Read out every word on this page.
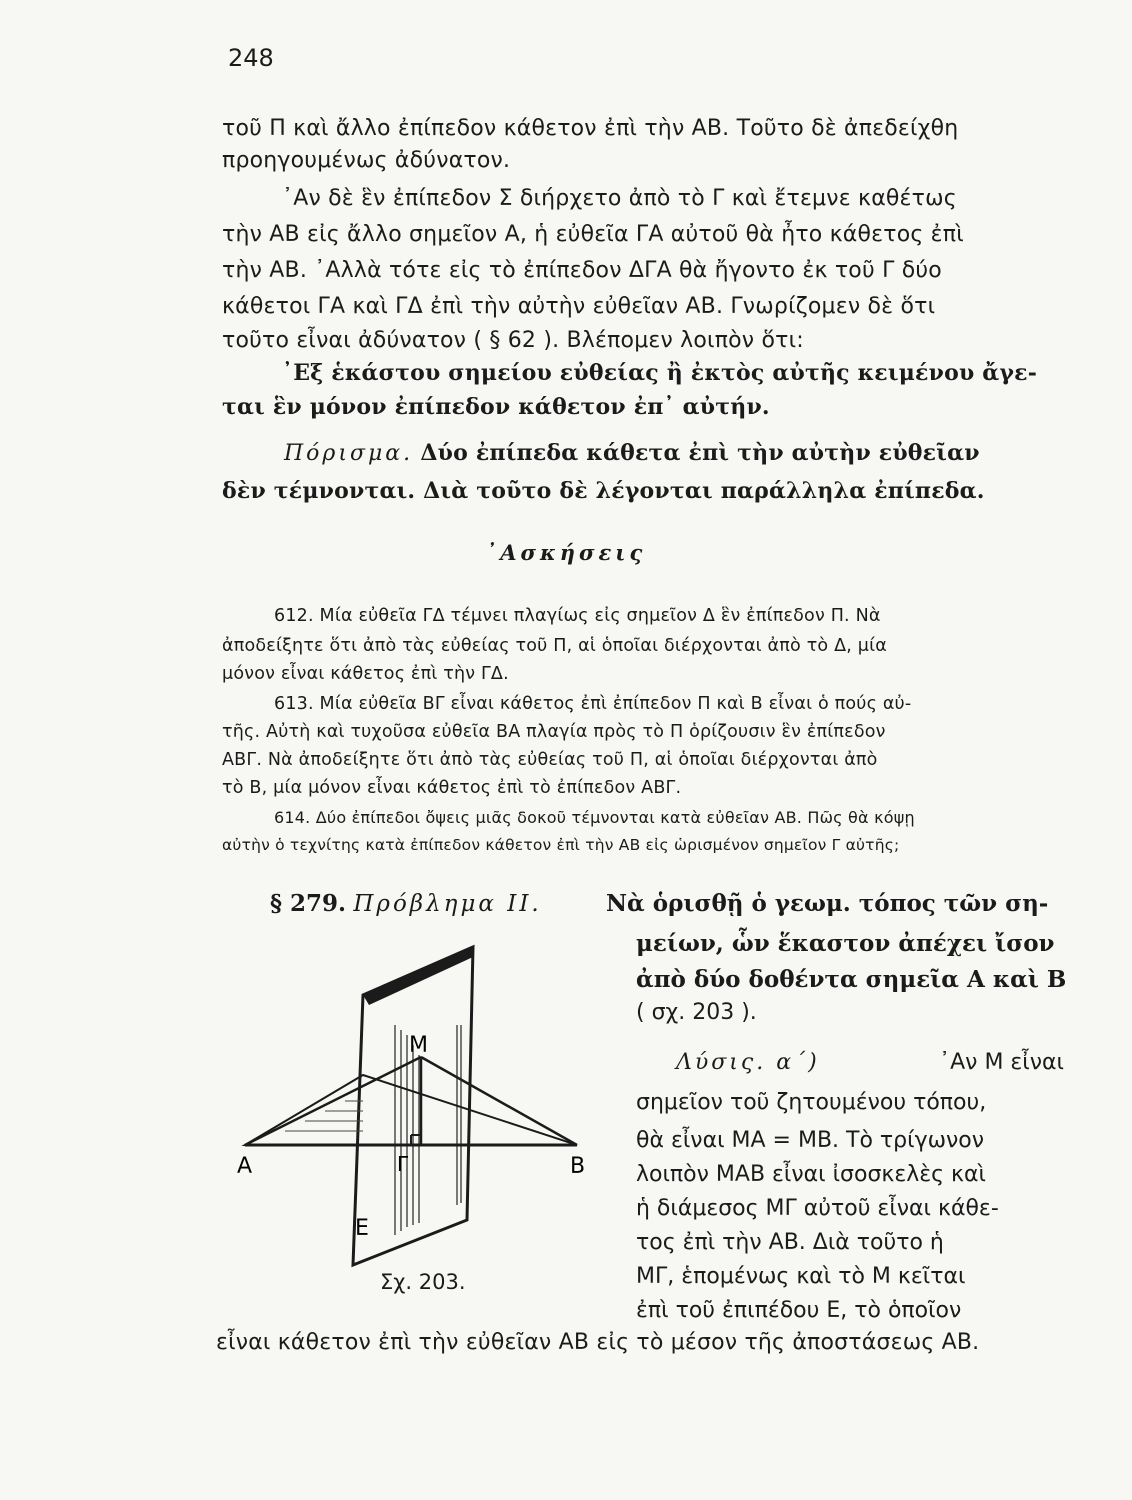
248
τοῦ Π καὶ ἄλλο ἐπίπεδον κάθετον ἐπὶ τὴν ΑΒ. Τοῦτο δὲ ἀπεδείχθη
προηγουμένως ἀδύνατον.
᾿Αν δὲ ἓν ἐπίπεδον Σ διήρχετο ἀπὸ τὸ Γ καὶ ἔτεμνε καθέτως
τὴν ΑΒ εἰς ἄλλο σημεῖον Α, ἡ εὐθεῖα ΓΑ αὐτοῦ θὰ ἦτο κάθετος ἐπὶ
τὴν ΑΒ. ᾿Αλλὰ τότε εἰς τὸ ἐπίπεδον ΔΓΑ θὰ ἤγοντο ἐκ τοῦ Γ δύο
κάθετοι ΓΑ καὶ ΓΔ ἐπὶ τὴν αὐτὴν εὐθεῖαν ΑΒ. Γνωρίζομεν δὲ ὅτι
τοῦτο εἶναι ἀδύνατον ( § 62 ). Βλέπομεν λοιπὸν ὅτι:
᾿Εξ ἑκάστου σημείου εὐθείας ἢ ἐκτὸς αὐτῆς κειμένου ἄγε-
ται ἓν μόνον ἐπίπεδον κάθετον ἐπ᾿ αὐτήν.
Πόρισμα. Δύο ἐπίπεδα κάθετα ἐπὶ τὴν αὐτὴν εὐθεῖαν
δὲν τέμνονται. Διὰ τοῦτο δὲ λέγονται παράλληλα ἐπίπεδα.
᾿Ασκήσεις
612. Μία εὐθεῖα ΓΔ τέμνει πλαγίως εἰς σημεῖον Δ ἓν ἐπίπεδον Π. Νὰ
ἀποδείξητε ὅτι ἀπὸ τὰς εὐθείας τοῦ Π, αἱ ὁποῖαι διέρχονται ἀπὸ τὸ Δ, μία
μόνον εἶναι κάθετος ἐπὶ τὴν ΓΔ.
613. Μία εὐθεῖα ΒΓ εἶναι κάθετος ἐπὶ ἐπίπεδον Π καὶ Β εἶναι ὁ πούς αὐ-
τῆς. Αὐτὴ καὶ τυχοῦσα εὐθεῖα ΒΑ πλαγία πρὸς τὸ Π ὁρίζουσιν ἓν ἐπίπεδον
ΑΒΓ. Νὰ ἀποδείξητε ὅτι ἀπὸ τὰς εὐθείας τοῦ Π, αἱ ὁποῖαι διέρχονται ἀπὸ
τὸ Β, μία μόνον εἶναι κάθετος ἐπὶ τὸ ἐπίπεδον ΑΒΓ.
614. Δύο ἐπίπεδοι ὄψεις μιᾶς δοκοῦ τέμνονται κατὰ εὐθεῖαν ΑΒ. Πῶς θὰ κόψῃ
αὐτὴν ὁ τεχνίτης κατὰ ἐπίπεδον κάθετον ἐπὶ τὴν ΑΒ εἰς ὡρισμένον σημεῖον Γ αὐτῆς;
§ 279. Πρόβλημα ΙΙ.	Νὰ ὁρισθῇ ὁ γεωμ. τόπος τῶν ση-
μείων, ὧν ἕκαστον ἀπέχει ἴσον
ἀπὸ δύο δοθέντα σημεῖα Α καὶ Β
( σχ. 203 ).
Λύσις. α΄)	᾿Αν Μ εἶναι
σημεῖον τοῦ ζητουμένου τόπου,
θὰ εἶναι ΜΑ = ΜΒ. Τὸ τρίγωνον
λοιπὸν ΜΑΒ εἶναι ἰσοσκελὲς καὶ
ἡ διάμεσος ΜΓ αὐτοῦ εἶναι κάθε-
τος ἐπὶ τὴν ΑΒ. Διὰ τοῦτο ἡ
ΜΓ, ἑπομένως καὶ τὸ Μ κεῖται
ἐπὶ τοῦ ἐπιπέδου Ε, τὸ ὁποῖον
εἶναι κάθετον ἐπὶ τὴν εὐθεῖαν ΑΒ εἰς τὸ μέσον τῆς ἀποστάσεως ΑΒ.
Μ
Α	Β
Γ
Ε
Σχ. 203.
